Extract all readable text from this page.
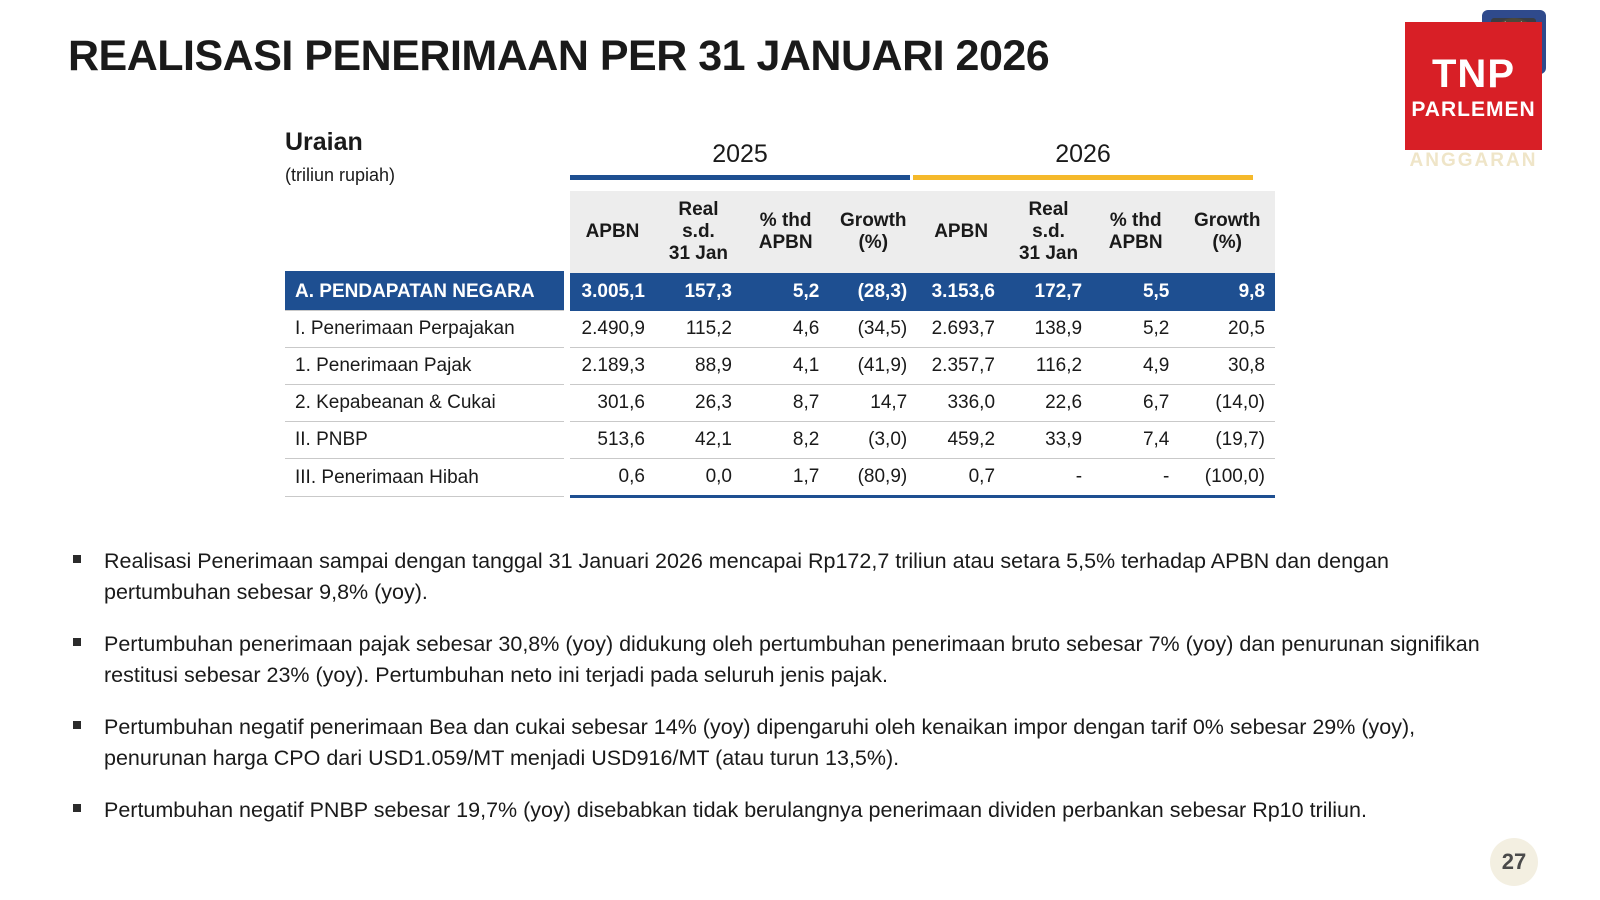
REALISASI PENERIMAAN PER 31 JANUARI 2026	TNP
PARLEMEN
ANGGARAN
Uraian
(triliun rupiah)
2025	2026

APBN

Real s.d.
31 Jan

% thd
APBN

Growth
(%)

APBN

Real s.d.
31 Jan

% thd
APBN

Growth
(%)

A. PENDAPATAN NEGARA	3.005,1	157,3	5,2	(28,3)	3.153,6	172,7	5,5	9,8
I. Penerimaan Perpajakan	2.490,9	115,2	4,6	(34,5)	2.693,7	138,9	5,2	20,5
1. Penerimaan Pajak	2.189,3	88,9	4,1	(41,9)	2.357,7	116,2	4,9	30,8
2. Kepabeanan & Cukai	301,6	26,3	8,7	14,7	336,0	22,6	6,7	(14,0)
II. PNBP	513,6	42,1	8,2	(3,0)	459,2	33,9	7,4	(19,7)
III. Penerimaan Hibah	0,6	0,0	1,7	(80,9)	0,7	-	-	(100,0)
Realisasi Penerimaan sampai dengan tanggal 31 Januari 2026 mencapai Rp172,7 triliun atau setara 5,5% terhadap APBN dan dengan pertumbuhan sebesar 9,8% (yoy).
Pertumbuhan penerimaan pajak sebesar 30,8% (yoy) didukung oleh pertumbuhan penerimaan bruto sebesar 7% (yoy) dan penurunan signifikan restitusi sebesar 23% (yoy). Pertumbuhan neto ini terjadi pada seluruh jenis pajak.
Pertumbuhan negatif penerimaan Bea dan cukai sebesar 14% (yoy) dipengaruhi oleh kenaikan impor dengan tarif 0% sebesar 29% (yoy), penurunan harga CPO dari USD1.059/MT menjadi USD916/MT (atau turun 13,5%).
Pertumbuhan negatif PNBP sebesar 19,7% (yoy) disebabkan tidak berulangnya penerimaan dividen perbankan sebesar Rp10 triliun.
27
